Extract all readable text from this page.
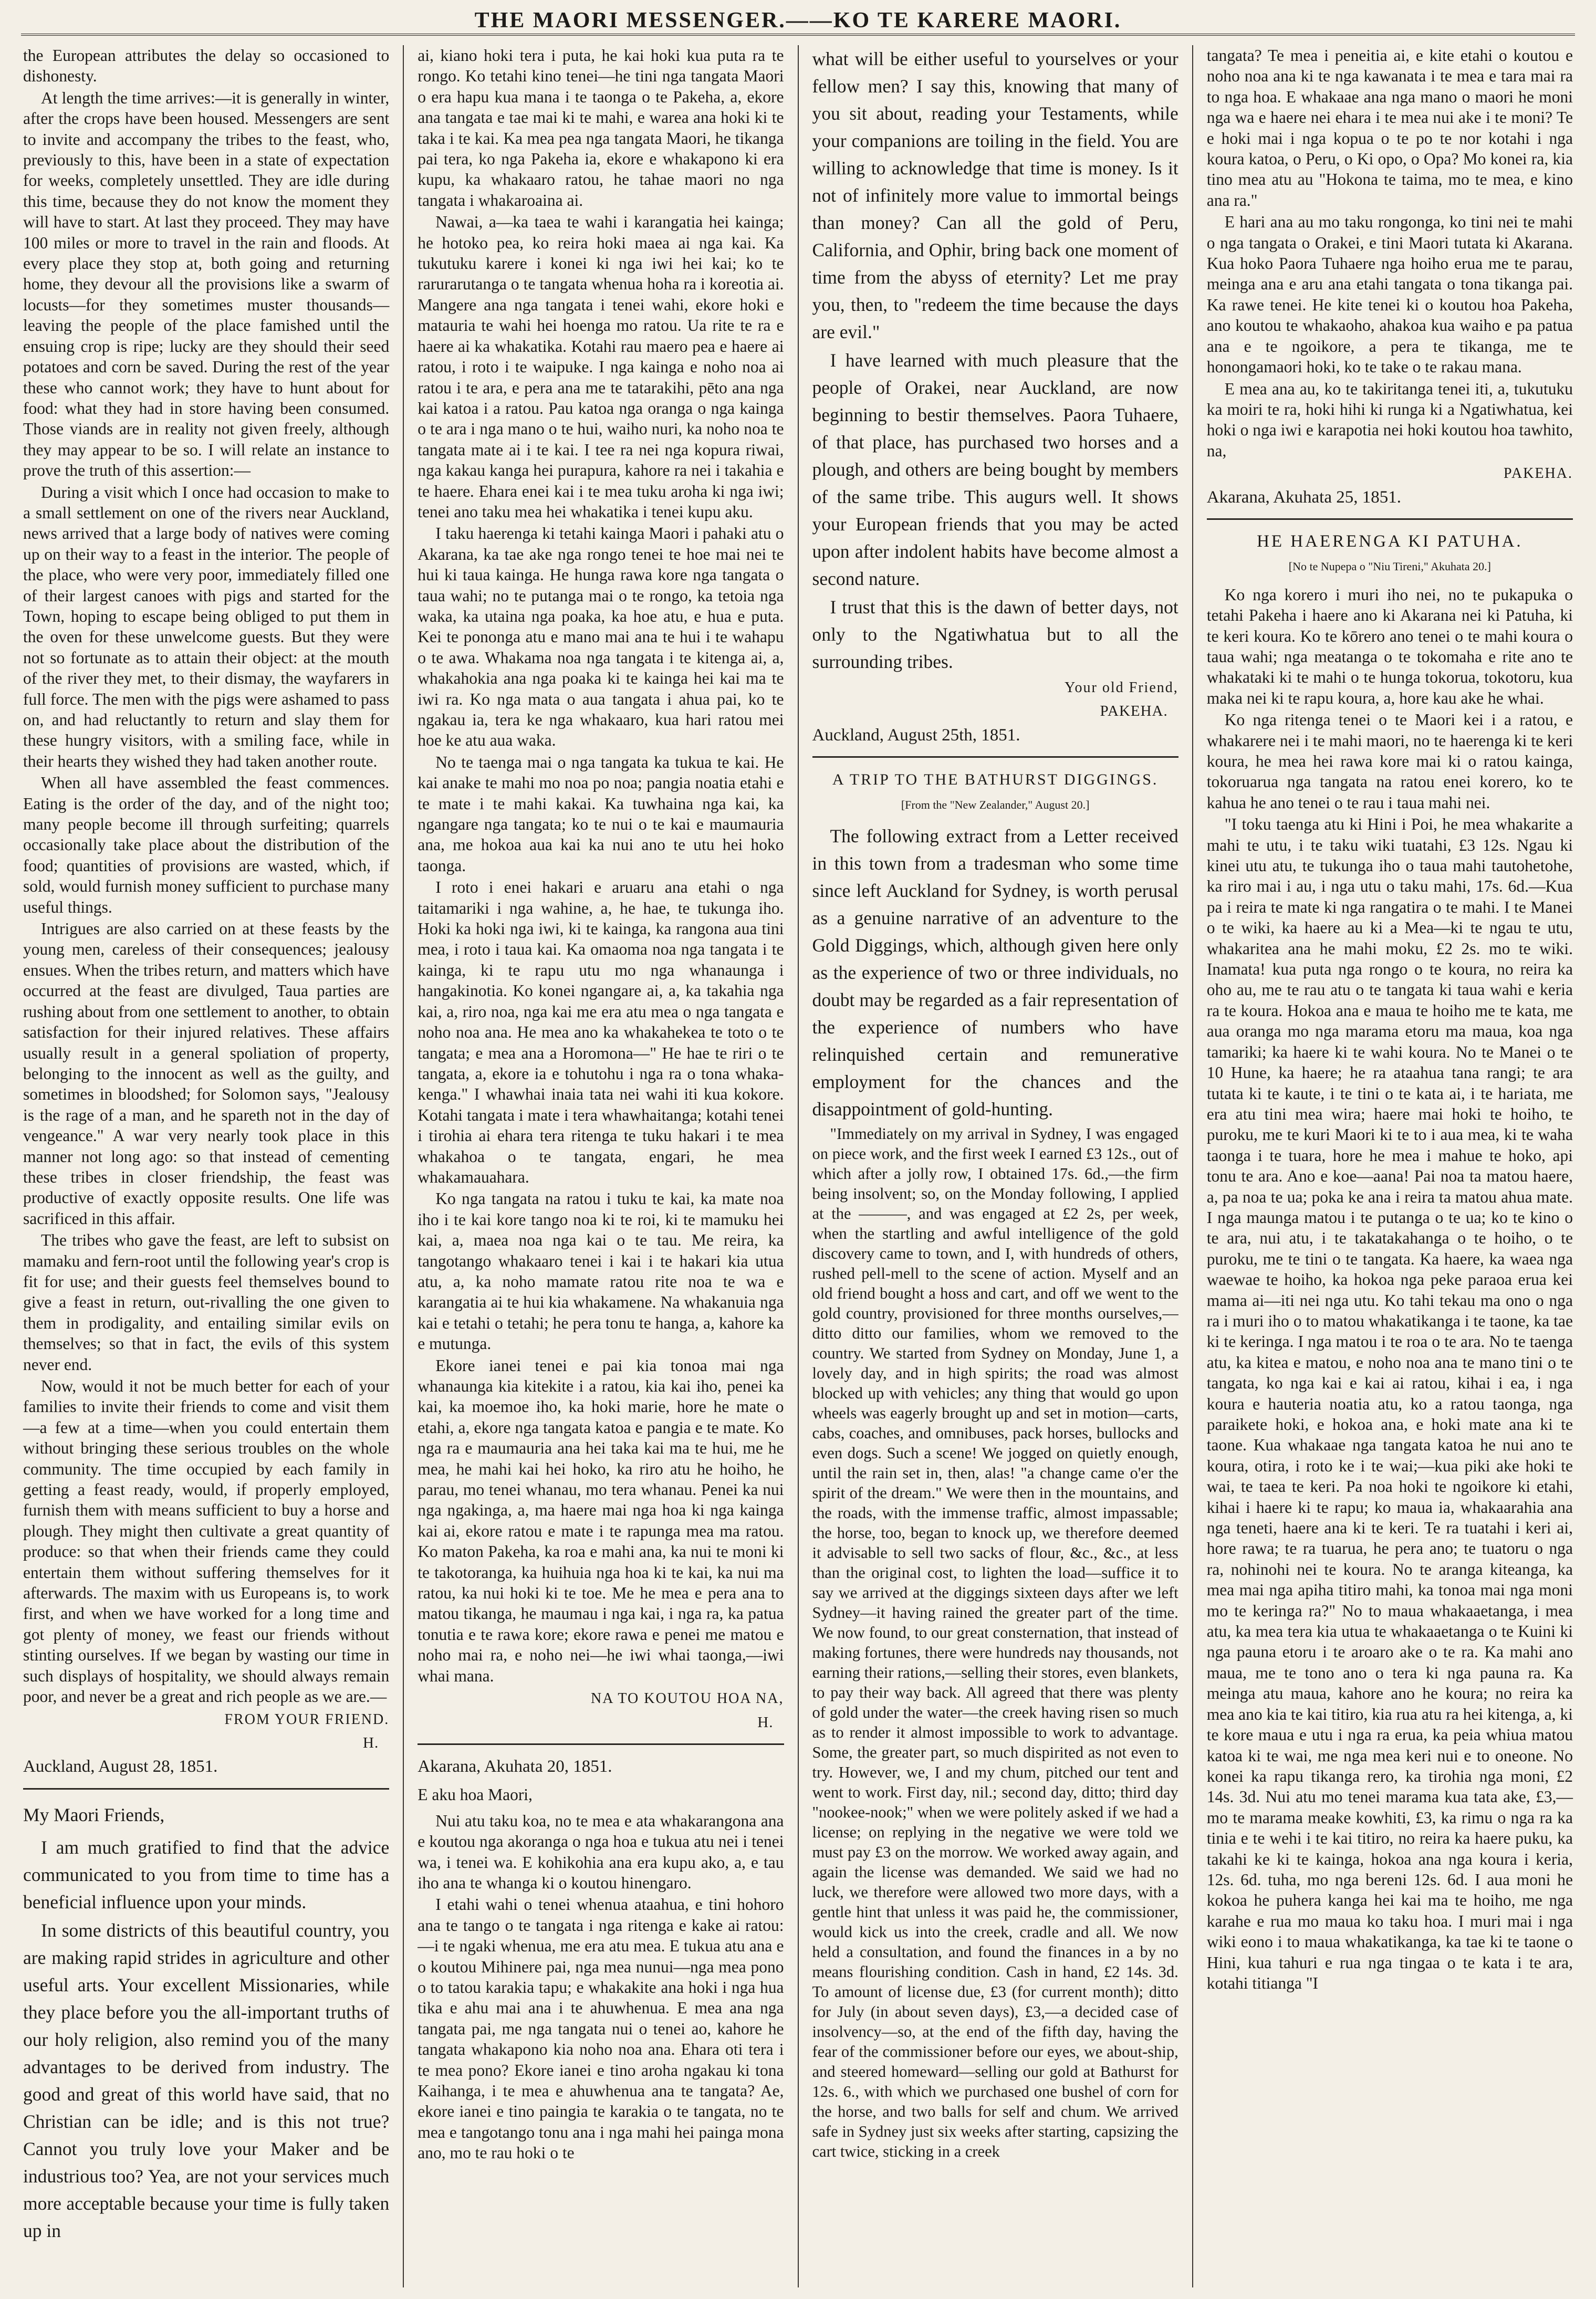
THE MAORI MESSENGER.——KO TE KARERE MAORI.

the European attributes the delay so occasioned to dishonesty.

At length the time arrives:—it is generally in winter, after the crops have been housed. Messengers are sent to invite and accompany the tribes to the feast, who, previously to this, have been in a state of expectation for weeks, completely unsettled. They are idle during this time, because they do not know the moment they will have to start. At last they proceed. They may have 100 miles or more to travel in the rain and floods. At every place they stop at, both going and returning home, they devour all the provisions like a swarm of locusts—for they sometimes muster thousands—leaving the people of the place famished until the ensuing crop is ripe; lucky are they should their seed potatoes and corn be saved. During the rest of the year these who cannot work; they have to hunt about for food: what they had in store having been consumed. Those viands are in reality not given freely, although they may appear to be so. I will relate an instance to prove the truth of this assertion:—

During a visit which I once had occasion to make to a small settlement on one of the rivers near Auckland, news arrived that a large body of natives were coming up on their way to a feast in the interior. The people of the place, who were very poor, immediately filled one of their largest canoes with pigs and started for the Town, hoping to escape being obliged to put them in the oven for these unwelcome guests. But they were not so fortunate as to attain their object: at the mouth of the river they met, to their dismay, the wayfarers in full force. The men with the pigs were ashamed to pass on, and had reluctantly to return and slay them for these hungry visitors, with a smiling face, while in their hearts they wished they had taken another route.

When all have assembled the feast commences. Eating is the order of the day, and of the night too; many people become ill through surfeiting; quarrels occasionally take place about the distribution of the food; quantities of provisions are wasted, which, if sold, would furnish money sufficient to purchase many useful things.

Intrigues are also carried on at these feasts by the young men, careless of their consequences; jealousy ensues. When the tribes return, and matters which have occurred at the feast are divulged, Taua parties are rushing about from one settlement to another, to obtain satisfaction for their injured relatives. These affairs usually result in a general spoliation of property, belonging to the innocent as well as the guilty, and sometimes in bloodshed; for Solomon says, "Jealousy is the rage of a man, and he spareth not in the day of vengeance." A war very nearly took place in this manner not long ago: so that instead of cementing these tribes in closer friendship, the feast was productive of exactly opposite results. One life was sacrificed in this affair.

The tribes who gave the feast, are left to subsist on mamaku and fern-root until the following year's crop is fit for use; and their guests feel themselves bound to give a feast in return, out-rivalling the one given to them in prodigality, and entailing similar evils on themselves; so that in fact, the evils of this system never end.

Now, would it not be much better for each of your families to invite their friends to come and visit them—a few at a time—when you could entertain them without bringing these serious troubles on the whole community. The time occupied by each family in getting a feast ready, would, if properly employed, furnish them with means sufficient to buy a horse and plough. They might then cultivate a great quantity of produce: so that when their friends came they could entertain them without suffering themselves for it afterwards. The maxim with us Europeans is, to work first, and when we have worked for a long time and got plenty of money, we feast our friends without stinting ourselves. If we began by wasting our time in such displays of hospitality, we should always remain poor, and never be a great and rich people as we are.—

FROM YOUR FRIEND.

H.

Auckland, August 28, 1851.

My Maori Friends,

I am much gratified to find that the advice communicated to you from time to time has a beneficial influence upon your minds.

In some districts of this beautiful country, you are making rapid strides in agriculture and other useful arts. Your excellent Missionaries, while they place before you the all-important truths of our holy religion, also remind you of the many advantages to be derived from industry. The good and great of this world have said, that no Christian can be idle; and is this not true? Cannot you truly love your Maker and be industrious too? Yea, are not your services much more acceptable because your time is fully taken up in

ai, kiano hoki tera i puta, he kai hoki kua puta ra te rongo. Ko tetahi kino tenei—he tini nga tangata Maori o era hapu kua mana i te taonga o te Pakeha, a, ekore ana tangata e tae mai ki te mahi, e warea ana hoki ki te taka i te kai. Ka mea pea nga tangata Maori, he tikanga pai tera, ko nga Pakeha ia, ekore e whakapono ki era kupu, ka whakaaro ratou, he tahae maori no nga tangata i whakaroaina ai.

Nawai, a—ka taea te wahi i karangatia hei kainga; he hotoko pea, ko reira hoki maea ai nga kai. Ka tukutuku karere i konei ki nga iwi hei kai; ko te rarurarutanga o te tangata whenua hoha ra i koreotia ai. Mangere ana nga tangata i tenei wahi, ekore hoki e matauria te wahi hei hoenga mo ratou. Ua rite te ra e haere ai ka whakatika. Kotahi rau maero pea e haere ai ratou, i roto i te waipuke. I nga kainga e noho noa ai ratou i te ara, e pera ana me te tatarakihi, pēto ana nga kai katoa i a ratou. Pau katoa nga oranga o nga kainga o te ara i nga mano o te hui, waiho nuri, ka noho noa te tangata mate ai i te kai. I tee ra nei nga kopura riwai, nga kakau kanga hei purapura, kahore ra nei i takahia e te haere. Ehara enei kai i te mea tuku aroha ki nga iwi; tenei ano taku mea hei whakatika i tenei kupu aku.

I taku haerenga ki tetahi kainga Maori i pahaki atu o Akarana, ka tae ake nga rongo tenei te hoe mai nei te hui ki taua kainga. He hunga rawa kore nga tangata o taua wahi; no te putanga mai o te rongo, ka tetoia nga waka, ka utaina nga poaka, ka hoe atu, e hua e puta. Kei te pononga atu e mano mai ana te hui i te wahapu o te awa. Whakama noa nga tangata i te kitenga ai, a, whakahokia ana nga poaka ki te kainga hei kai ma te iwi ra. Ko nga mata o aua tangata i ahua pai, ko te ngakau ia, tera ke nga whakaaro, kua hari ratou mei hoe ke atu aua waka.

No te taenga mai o nga tangata ka tukua te kai. He kai anake te mahi mo noa po noa; pangia noatia etahi e te mate i te mahi kakai. Ka tuwhaina nga kai, ka ngangare nga tangata; ko te nui o te kai e maumauria ana, me hokoa aua kai ka nui ano te utu hei hoko taonga.

I roto i enei hakari e aruaru ana etahi o nga taitamariki i nga wahine, a, he hae, te tukunga iho. Hoki ka hoki nga iwi, ki te kainga, ka rangona aua tini mea, i roto i taua kai. Ka omaoma noa nga tangata i te kainga, ki te rapu utu mo nga whanaunga i hangakinotia. Ko konei ngangare ai, a, ka takahia nga kai, a, riro noa, nga kai me era atu mea o nga tangata e noho noa ana. He mea ano ka whakahekea te toto o te tangata; e mea ana a Horomona—" He hae te riri o te tangata, a, ekore ia e tohutohu i nga ra o tona whaka-kenga." I whawhai inaia tata nei wahi iti kua kokore. Kotahi tangata i mate i tera whawhaitanga; kotahi tenei i tirohia ai ehara tera ritenga te tuku hakari i te mea whakahoa o te tangata, engari, he mea whakamauahara.

Ko nga tangata na ratou i tuku te kai, ka mate noa iho i te kai kore tango noa ki te roi, ki te mamuku hei kai, a, maea noa nga kai o te tau. Me reira, ka tangotango whakaaro tenei i kai i te hakari kia utua atu, a, ka noho mamate ratou rite noa te wa e karangatia ai te hui kia whakamene. Na whakanuia nga kai e tetahi o tetahi; he pera tonu te hanga, a, kahore ka e mutunga.

Ekore ianei tenei e pai kia tonoa mai nga whanaunga kia kitekite i a ratou, kia kai iho, penei ka kai, ka moemoe iho, ka hoki marie, hore he mate o etahi, a, ekore nga tangata katoa e pangia e te mate. Ko nga ra e maumauria ana hei taka kai ma te hui, me he mea, he mahi kai hei hoko, ka riro atu he hoiho, he parau, mo tenei whanau, mo tera whanau. Penei ka nui nga ngakinga, a, ma haere mai nga hoa ki nga kainga kai ai, ekore ratou e mate i te rapunga mea ma ratou. Ko maton Pakeha, ka roa e mahi ana, ka nui te moni ki te takotoranga, ka huihuia nga hoa ki te kai, ka nui ma ratou, ka nui hoki ki te toe. Me he mea e pera ana to matou tikanga, he maumau i nga kai, i nga ra, ka patua tonutia e te rawa kore; ekore rawa e penei me matou e noho mai ra, e noho nei—he iwi whai taonga,—iwi whai mana.

NA TO KOUTOU HOA NA,

H.

Akarana, Akuhata 20, 1851.

E aku hoa Maori,

Nui atu taku koa, no te mea e ata whakarangona ana e koutou nga akoranga o nga hoa e tukua atu nei i tenei wa, i tenei wa. E kohikohia ana era kupu ako, a, e tau iho ana te whanga ki o koutou hinengaro.

I etahi wahi o tenei whenua ataahua, e tini hohoro ana te tango o te tangata i nga ritenga e kake ai ratou:—i te ngaki whenua, me era atu mea. E tukua atu ana e o koutou Mihinere pai, nga mea nunui—nga mea pono o to tatou karakia tapu; e whakakite ana hoki i nga hua tika e ahu mai ana i te ahuwhenua. E mea ana nga tangata pai, me nga tangata nui o tenei ao, kahore he tangata whakapono kia noho noa ana. Ehara oti tera i te mea pono? Ekore ianei e tino aroha ngakau ki tona Kaihanga, i te mea e ahuwhenua ana te tangata? Ae, ekore ianei e tino paingia te karakia o te tangata, no te mea e tangotango tonu ana i nga mahi hei painga mona ano, mo te rau hoki o te

what will be either useful to yourselves or your fellow men? I say this, knowing that many of you sit about, reading your Testaments, while your companions are toiling in the field. You are willing to acknowledge that time is money. Is it not of infinitely more value to immortal beings than money? Can all the gold of Peru, California, and Ophir, bring back one moment of time from the abyss of eternity? Let me pray you, then, to "redeem the time because the days are evil."

I have learned with much pleasure that the people of Orakei, near Auckland, are now beginning to bestir themselves. Paora Tuhaere, of that place, has purchased two horses and a plough, and others are being bought by members of the same tribe. This augurs well. It shows your European friends that you may be acted upon after indolent habits have become almost a second nature.

I trust that this is the dawn of better days, not only to the Ngatiwhatua but to all the surrounding tribes.

Your old Friend,

PAKEHA.

Auckland, August 25th, 1851.

A TRIP TO THE BATHURST DIGGINGS.

[From the "New Zealander," August 20.]

The following extract from a Letter received in this town from a tradesman who some time since left Auckland for Sydney, is worth perusal as a genuine narrative of an adventure to the Gold Diggings, which, although given here only as the experience of two or three individuals, no doubt may be regarded as a fair representation of the experience of numbers who have relinquished certain and remunerative employment for the chances and the disappointment of gold-hunting.

"Immediately on my arrival in Sydney, I was engaged on piece work, and the first week I earned £3 12s., out of which after a jolly row, I obtained 17s. 6d.,—the firm being insolvent; so, on the Monday following, I applied at the ———, and was engaged at £2 2s, per week, when the startling and awful intelligence of the gold discovery came to town, and I, with hundreds of others, rushed pell-mell to the scene of action. Myself and an old friend bought a hoss and cart, and off we went to the gold country, provisioned for three months ourselves,—ditto ditto our families, whom we removed to the country. We started from Sydney on Monday, June 1, a lovely day, and in high spirits; the road was almost blocked up with vehicles; any thing that would go upon wheels was eagerly brought up and set in motion—carts, cabs, coaches, and omnibuses, pack horses, bullocks and even dogs. Such a scene! We jogged on quietly enough, until the rain set in, then, alas! "a change came o'er the spirit of the dream." We were then in the mountains, and the roads, with the immense traffic, almost impassable; the horse, too, began to knock up, we therefore deemed it advisable to sell two sacks of flour, &c., &c., at less than the original cost, to lighten the load—suffice it to say we arrived at the diggings sixteen days after we left Sydney—it having rained the greater part of the time. We now found, to our great consternation, that instead of making fortunes, there were hundreds nay thousands, not earning their rations,—selling their stores, even blankets, to pay their way back. All agreed that there was plenty of gold under the water—the creek having risen so much as to render it almost impossible to work to advantage. Some, the greater part, so much dispirited as not even to try. However, we, I and my chum, pitched our tent and went to work. First day, nil.; second day, ditto; third day "nookee-nook;" when we were politely asked if we had a license; on replying in the negative we were told we must pay £3 on the morrow. We worked away again, and again the license was demanded. We said we had no luck, we therefore were allowed two more days, with a gentle hint that unless it was paid he, the commissioner, would kick us into the creek, cradle and all. We now held a consultation, and found the finances in a by no means flourishing condition. Cash in hand, £2 14s. 3d. To amount of license due, £3 (for current month); ditto for July (in about seven days), £3,—a decided case of insolvency—so, at the end of the fifth day, having the fear of the commissioner before our eyes, we about-ship, and steered homeward—selling our gold at Bathurst for 12s. 6., with which we purchased one bushel of corn for the horse, and two balls for self and chum. We arrived safe in Sydney just six weeks after starting, capsizing the cart twice, sticking in a creek

tangata? Te mea i peneitia ai, e kite etahi o koutou e noho noa ana ki te nga kawanata i te mea e tara mai ra to nga hoa. E whakaae ana nga mano o maori he moni nga wa e haere nei ehara i te mea nui ake i te moni? Te e hoki mai i nga kopua o te po te nor kotahi i nga koura katoa, o Peru, o Ki opo, o Opa? Mo konei ra, kia tino mea atu au "Hokona te taima, mo te mea, e kino ana ra."

E hari ana au mo taku rongonga, ko tini nei te mahi o nga tangata o Orakei, e tini Maori tutata ki Akarana. Kua hoko Paora Tuhaere nga hoiho erua me te parau, meinga ana e aru ana etahi tangata o tona tikanga pai. Ka rawe tenei. He kite tenei ki o koutou hoa Pakeha, ano koutou te whakaoho, ahakoa kua waiho e pa patua ana e te ngoikore, a pera te tikanga, me te honongamaori hoki, ko te take o te rakau mana.

E mea ana au, ko te takiritanga tenei iti, a, tukutuku ka moiri te ra, hoki hihi ki runga ki a Ngatiwhatua, kei hoki o nga iwi e karapotia nei hoki koutou hoa tawhito, na,

PAKEHA.

Akarana, Akuhata 25, 1851.

HE HAERENGA KI PATUHA.

[No te Nupepa o "Niu Tireni," Akuhata 20.]

Ko nga korero i muri iho nei, no te pukapuka o tetahi Pakeha i haere ano ki Akarana nei ki Patuha, ki te keri koura. Ko te kōrero ano tenei o te mahi koura o taua wahi; nga meatanga o te tokomaha e rite ano te whakataki ki te mahi o te hunga tokorua, tokotoru, kua maka nei ki te rapu koura, a, hore kau ake he whai.

Ko nga ritenga tenei o te Maori kei i a ratou, e whakarere nei i te mahi maori, no te haerenga ki te keri koura, he mea hei rawa kore mai ki o ratou kainga, tokoruarua nga tangata na ratou enei korero, ko te kahua he ano tenei o te rau i taua mahi nei.

"I toku taenga atu ki Hini i Poi, he mea whakarite a mahi te utu, i te taku wiki tuatahi, £3 12s. Ngau ki kinei utu atu, te tukunga iho o taua mahi tautohetohe, ka riro mai i au, i nga utu o taku mahi, 17s. 6d.—Kua pa i reira te mate ki nga rangatira o te mahi. I te Manei o te wiki, ka haere au ki a Mea—ki te ngau te utu, whakaritea ana he mahi moku, £2 2s. mo te wiki. Inamata! kua puta nga rongo o te koura, no reira ka oho au, me te rau atu o te tangata ki taua wahi e keria ra te koura. Hokoa ana e maua te hoiho me te kata, me aua oranga mo nga marama etoru ma maua, koa nga tamariki; ka haere ki te wahi koura. No te Manei o te 10 Hune, ka haere; he ra ataahua tana rangi; te ara tutata ki te kaute, i te tini o te kata ai, i te hariata, me era atu tini mea wira; haere mai hoki te hoiho, te puroku, me te kuri Maori ki te to i aua mea, ki te waha taonga i te tuara, hore he mea i mahue te hoko, api tonu te ara. Ano e koe—aana! Pai noa ta matou haere, a, pa noa te ua; poka ke ana i reira ta matou ahua mate. I nga maunga matou i te putanga o te ua; ko te kino o te ara, nui atu, i te takatakahanga o te hoiho, o te puroku, me te tini o te tangata. Ka haere, ka waea nga waewae te hoiho, ka hokoa nga peke paraoa erua kei mama ai—iti nei nga utu. Ko tahi tekau ma ono o nga ra i muri iho o to matou whakatikanga i te taone, ka tae ki te keringa. I nga matou i te roa o te ara. No te taenga atu, ka kitea e matou, e noho noa ana te mano tini o te tangata, ko nga kai e kai ai ratou, kihai i ea, i nga koura e hauteria noatia atu, ko a ratou taonga, nga paraikete hoki, e hokoa ana, e hoki mate ana ki te taone. Kua whakaae nga tangata katoa he nui ano te koura, otira, i roto ke i te wai;—kua piki ake hoki te wai, te taea te keri. Pa noa hoki te ngoikore ki etahi, kihai i haere ki te rapu; ko maua ia, whakaarahia ana nga teneti, haere ana ki te keri. Te ra tuatahi i keri ai, hore rawa; te ra tuarua, he pera ano; te tuatoru o nga ra, nohinohi nei te koura. No te aranga kiteanga, ka mea mai nga apiha titiro mahi, ka tonoa mai nga moni mo te keringa ra?" No to maua whakaaetanga, i mea atu, ka mea tera kia utua te whakaaetanga o te Kuini ki nga pauna etoru i te aroaro ake o te ra. Ka mahi ano maua, me te tono ano o tera ki nga pauna ra. Ka meinga atu maua, kahore ano he koura; no reira ka mea ano kia te kai titiro, kia rua atu ra hei kitenga, a, ki te kore maua e utu i nga ra erua, ka peia whiua matou katoa ki te wai, me nga mea keri nui e to oneone. No konei ka rapu tikanga rero, ka tirohia nga moni, £2 14s. 3d. Nui atu mo tenei marama kua tata ake, £3,—mo te marama meake kowhiti, £3, ka rimu o nga ra ka tinia e te wehi i te kai titiro, no reira ka haere puku, ka takahi ke ki te kainga, hokoa ana nga koura i keria, 12s. 6d. tuha, mo nga bereni 12s. 6d. I aua moni he kokoa he puhera kanga hei kai ma te hoiho, me nga karahe e rua mo maua ko taku hoa. I muri mai i nga wiki eono i to maua whakatikanga, ka tae ki te taone o Hini, kua tahuri e rua nga tingaa o te kata i te ara, kotahi titianga "I
